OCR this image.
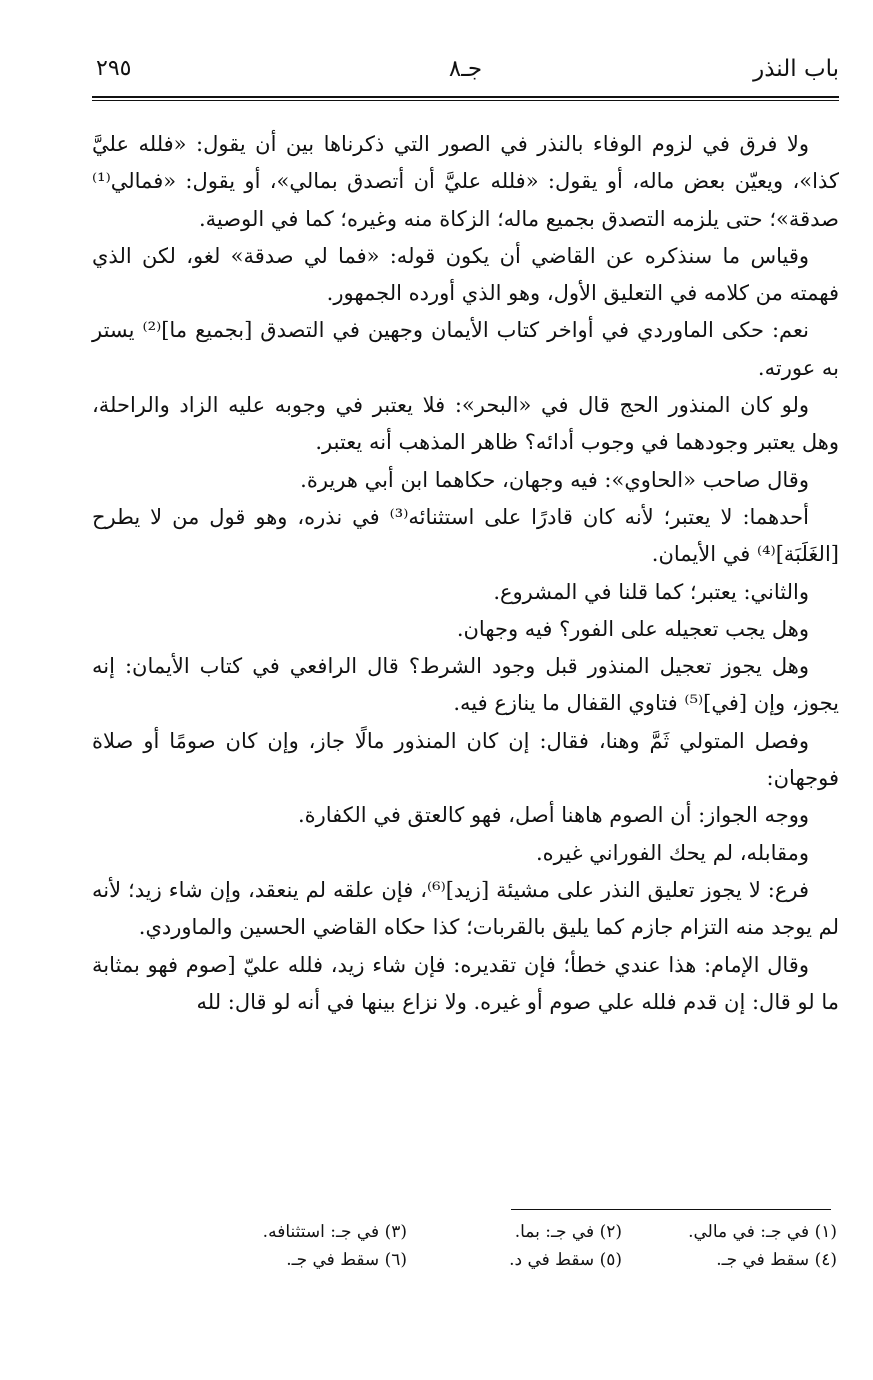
باب النذر
جـ٨
٢٩٥

ولا فرق في لزوم الوفاء بالنذر في الصور التي ذكرناها بين أن يقول: «فلله عليَّ كذا»، ويعيّن بعض ماله، أو يقول: «فلله عليَّ أن أتصدق بمالي»، أو يقول: «فمالي⁽¹⁾ صدقة»؛ حتى يلزمه التصدق بجميع ماله؛ الزكاة منه وغيره؛ كما في الوصية.

وقياس ما سنذكره عن القاضي أن يكون قوله: «فما لي صدقة» لغو، لكن الذي فهمته من كلامه في التعليق الأول، وهو الذي أورده الجمهور.

نعم: حكى الماوردي في أواخر كتاب الأيمان وجهين في التصدق [بجميع ما]⁽²⁾ يستر به عورته.

ولو كان المنذور الحج قال في «البحر»: فلا يعتبر في وجوبه عليه الزاد والراحلة، وهل يعتبر وجودهما في وجوب أدائه؟ ظاهر المذهب أنه يعتبر.

وقال صاحب «الحاوي»: فيه وجهان، حكاهما ابن أبي هريرة.

أحدهما: لا يعتبر؛ لأنه كان قادرًا على استثنائه⁽³⁾ في نذره، وهو قول من لا يطرح [الغَلَبَة]⁽⁴⁾ في الأيمان.

والثاني: يعتبر؛ كما قلنا في المشروع.

وهل يجب تعجيله على الفور؟ فيه وجهان.

وهل يجوز تعجيل المنذور قبل وجود الشرط؟ قال الرافعي في كتاب الأيمان: إنه يجوز، وإن [في]⁽⁵⁾ فتاوي القفال ما ينازع فيه.

وفصل المتولي ثَمَّ وهنا، فقال: إن كان المنذور مالًا جاز، وإن كان صومًا أو صلاة فوجهان:

ووجه الجواز: أن الصوم هاهنا أصل، فهو كالعتق في الكفارة.

ومقابله، لم يحك الفوراني غيره.

فرع: لا يجوز تعليق النذر على مشيئة [زيد]⁽⁶⁾، فإن علقه لم ينعقد، وإن شاء زيد؛ لأنه لم يوجد منه التزام جازم كما يليق بالقربات؛ كذا حكاه القاضي الحسين والماوردي.

وقال الإمام: هذا عندي خطأ؛ فإن تقديره: فإن شاء زيد، فلله عليّ [صوم فهو بمثابة ما لو قال: إن قدم فلله علي صوم أو غيره. ولا نزاع بينها في أنه لو قال: لله

(١) في جـ: في مالي.
(٢) في جـ: بما.
(٣) في جـ: استثنافه.
(٤) سقط في جـ.
(٥) سقط في د.
(٦) سقط في جـ.
